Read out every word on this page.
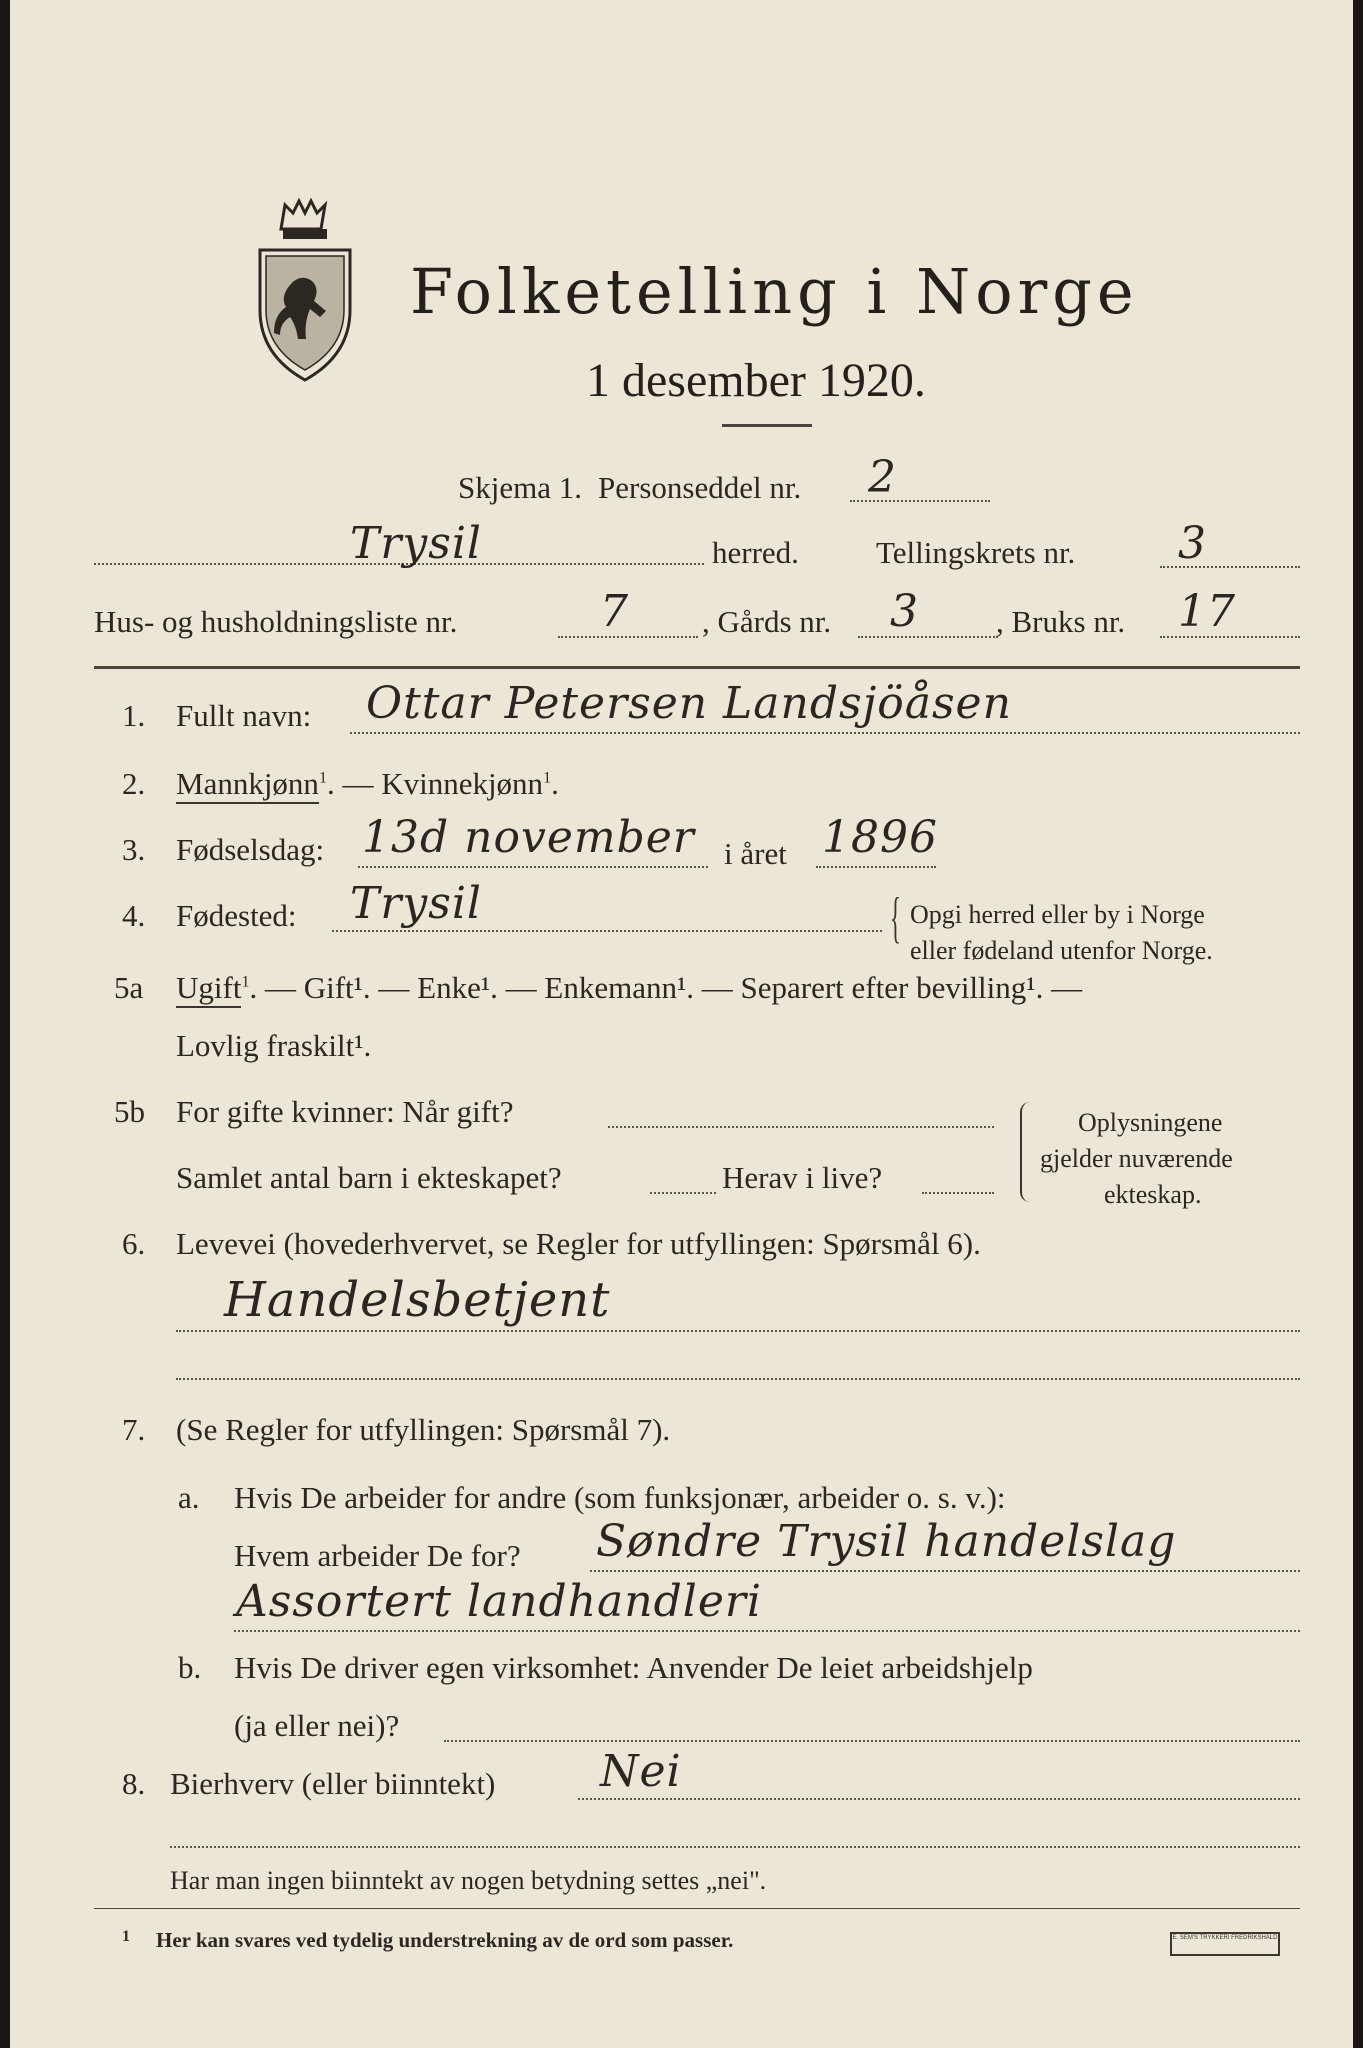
Folketelling i Norge
1 desember 1920.
Skjema 1. Personseddel nr. 2
Trysil	herred. Tellingskrets nr. 3
Hus- og husholdningsliste nr.	7 , Gårds nr. 3 , Bruks nr. 17
1. Fullt navn: Ottar Petersen Landsjöåsen
2. Mannkjønn$^1$. — Kvinnekjønn$^1$.
3. Fødselsdag: 13d november i året 1896
4. Fødested: Trysil	{ Opgi herred eller by i Norge
eller fødeland utenfor Norge.
5a Ugift$^1$. — Gift¹. — Enke¹. — Enkemann¹. — Separert efter bevilling¹. —
Lovlig fraskilt¹.
5b For gifte kvinner: Når gift?
Samlet antal barn i ekteskapet?	Herav i live?
Oplysningene
gjelder nuværende
ekteskap.
6. Levevei (hovederhvervet, se Regler for utfyllingen: Spørsmål 6).
Handelsbetjent
7. (Se Regler for utfyllingen: Spørsmål 7).
a. Hvis De arbeider for andre (som funksjonær, arbeider o. s. v.):
Hvem arbeider De for? Søndre Trysil handelslag
Assortert landhandleri
b. Hvis De driver egen virksomhet: Anvender De leiet arbeidshjelp
(ja eller nei)?
8. Bierhverv (eller biinntekt) Nei
Har man ingen biinntekt av nogen betydning settes „nei".
1 Her kan svares ved tydelig understrekning av de ord som passer.	E. SEM'S TRYKKERI FREDRIKSHALD
